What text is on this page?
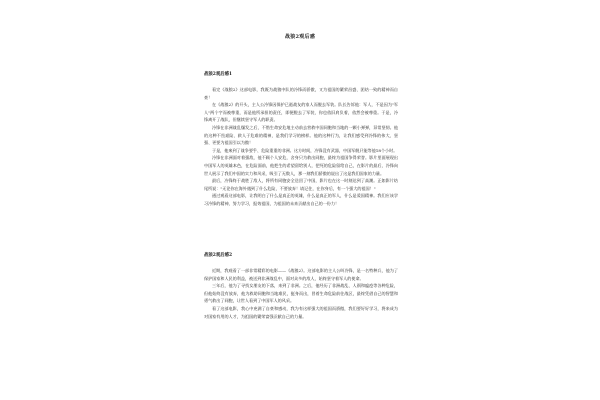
战狼2观后感
战狼2观后感1

看完《战狼2》这部电影，我既为战狼中队的冷锋而骄傲，又为祖国的繁荣昌盛、团结一致的精神而自豪！

在《战狼2》的开头，主人公冷锋因保护已逝战友的家人而脱去军装。队长告诉他：军人，不是因为"军人"两个字而被尊重，而是他所承担的责任，即便脱去了军装，你也依旧肩负着，依然会被尊重。于是，冷锋离开了战队，但继续坚守军人的职责。

冷锋在非洲战乱爆发之后，不惜生命安危地主动前去营救中国同胞和当地的一颗小弹弹，异常坚韧。他的这种不畏艰险、救人于危难的精神，是我们学习的榜样。他的这种行为，让我们感受到冷锋的伟大、坚强、更要为祖国引以为傲！

于是，他來到了战争要乎、危险重重的非洲。这方时间，冷锋没有武器，中国军舰只能等他18个小时。

冷锋在非洲面对着强敌，他不顾个人安危，舍身只为救出同胞，最终为祖国争得荣誉。影片里面展现出中国军人的英雄本色，在危险面前，他把生的希望留给别人，把死的危险留给自己，在影片的最后，冷锋向世人展示了我们中国的实力和风采，吸引了无数人，那一刻我们骄傲的说出了这是我们国家的力量。

最后，冷锋终于战胜了敌人，将所有同胞安全送回了中国，影片也在这一时刻达到了高潮。正如影片结尾所说："无论你在海外遇到了什么危险，不要放弃！请记住，在你身后，有一个强大的祖国！"

通过观看这部电影，让我明白了什么是真正的英雄，什么是真正的军人，什么是爱国精神。我们应该学习冷锋的精神，努力学习，报效祖国，为祖国的未来贡献出自己的一份力！

战狼2观后感2

近期，我观看了一部非常精彩的电影——《战狼2》。这部电影的主人公叫冷锋，是一名特种兵，他为了保护国家和人民的利益，被送到非洲战乱中，面对众多的敌人，始终坚守着军人的使命。

三年后，他为了寻找女朋友的下落，来到了非洲。之后，他经历了非洲战乱、人祸和瘟疫等各种危险，但他始终没有放弃，他为救助同胞和当地难民，挺身而出，冒着生命危险前往战区，最终凭借自己的智慧和勇气救出了同胞，让世人看到了中国军人的风采。

看了这部电影，我心中充满了自豪和感动，我为有这样强大的祖国而骄傲，我们要好好学习，将来成为对国家有用的人才，为祖国的繁荣富强贡献自己的力量。
